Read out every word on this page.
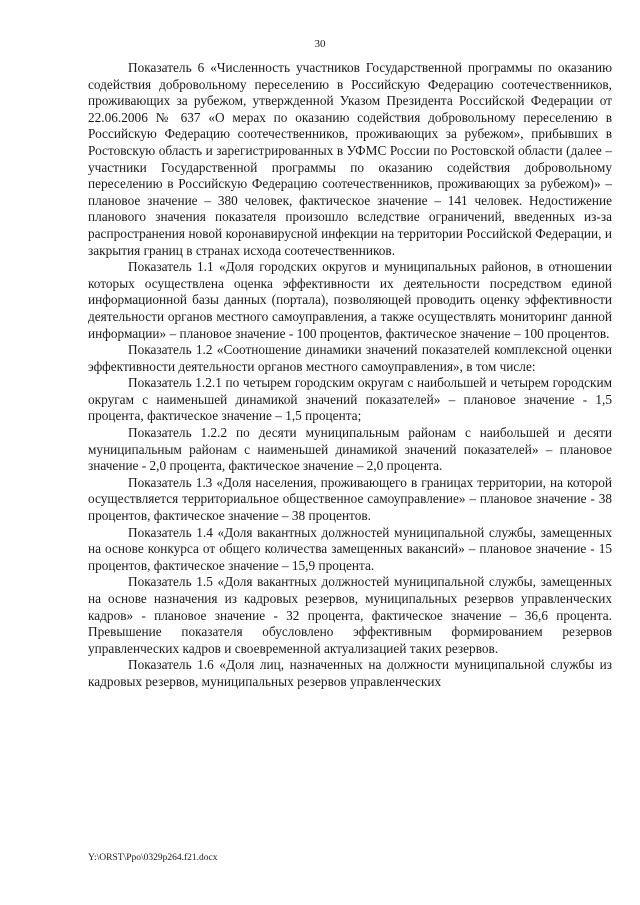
30

Показатель 6 «Численность участников Государственной программы по оказанию содействия добровольному переселению в Российскую Федерацию соотечественников, проживающих за рубежом, утвержденной Указом Президента Российской Федерации от 22.06.2006 № 637 «О мерах по оказанию содействия добровольному переселению в Российскую Федерацию соотечественников, проживающих за рубежом», прибывших в Ростовскую область и зарегистрированных в УФМС России по Ростовской области (далее – участники Государственной программы по оказанию содействия добровольному переселению в Российскую Федерацию соотечественников, проживающих за рубежом)» – плановое значение – 380 человек, фактическое значение – 141 человек. Недостижение планового значения показателя произошло вследствие ограничений, введенных из-за распространения новой коронавирусной инфекции на территории Российской Федерации, и закрытия границ в странах исхода соотечественников.

Показатель 1.1 «Доля городских округов и муниципальных районов, в отношении которых осуществлена оценка эффективности их деятельности посредством единой информационной базы данных (портала), позволяющей проводить оценку эффективности деятельности органов местного самоуправления, а также осуществлять мониторинг данной информации» – плановое значение - 100 процентов, фактическое значение – 100 процентов.

Показатель 1.2 «Соотношение динамики значений показателей комплексной оценки эффективности деятельности органов местного самоуправления», в том числе:

Показатель 1.2.1 по четырем городским округам с наибольшей и четырем городским округам с наименьшей динамикой значений показателей» – плановое значение - 1,5 процента, фактическое значение – 1,5 процента;

Показатель 1.2.2 по десяти муниципальным районам с наибольшей и десяти муниципальным районам с наименьшей динамикой значений показателей» – плановое значение - 2,0 процента, фактическое значение – 2,0 процента.

Показатель 1.3 «Доля населения, проживающего в границах территории, на которой осуществляется территориальное общественное самоуправление» – плановое значение - 38 процентов, фактическое значение – 38 процентов.

Показатель 1.4 «Доля вакантных должностей муниципальной службы, замещенных на основе конкурса от общего количества замещенных вакансий» – плановое значение - 15 процентов, фактическое значение – 15,9 процента.

Показатель 1.5 «Доля вакантных должностей муниципальной службы, замещенных на основе назначения из кадровых резервов, муниципальных резервов управленческих кадров» - плановое значение - 32 процента, фактическое значение – 36,6 процента. Превышение показателя обусловлено эффективным формированием резервов управленческих кадров и своевременной актуализацией таких резервов.

Показатель 1.6 «Доля лиц, назначенных на должности муниципальной службы из кадровых резервов, муниципальных резервов управленческих

Y:\ORST\Ppo\0329p264.f21.docx
